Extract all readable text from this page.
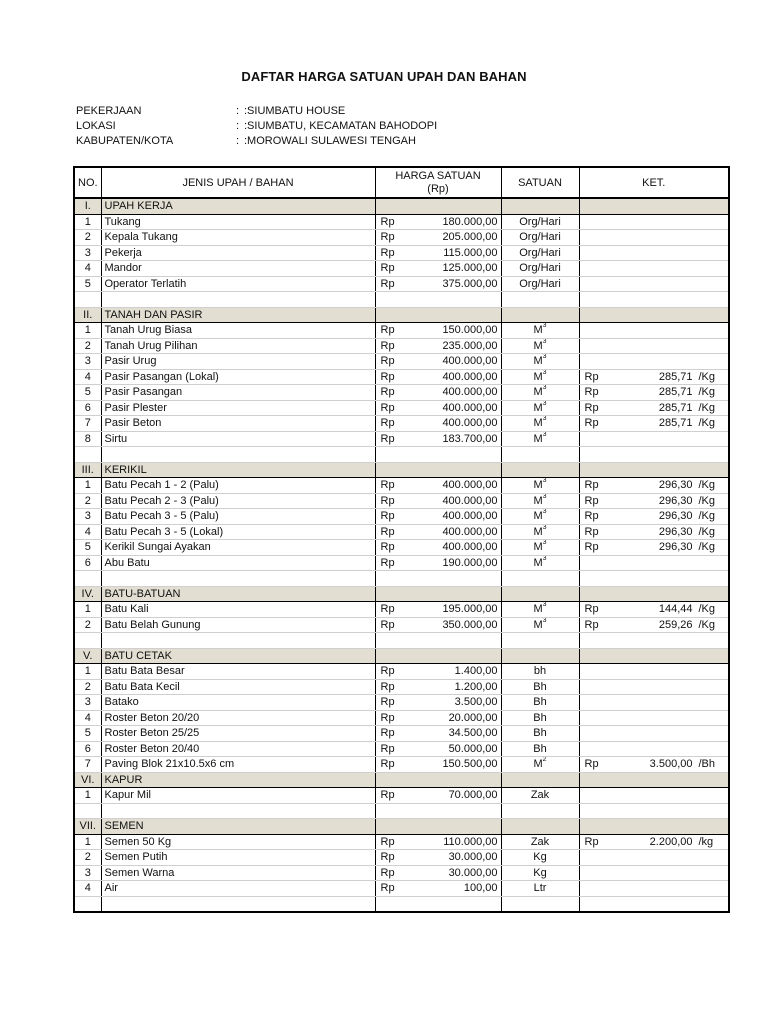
DAFTAR HARGA SATUAN UPAH DAN BAHAN
PEKERJAAN	: :SIUMBATU HOUSE
LOKASI	: :SIUMBATU, KECAMATAN BAHODOPI
KABUPATEN/KOTA	: :MOROWALI SULAWESI TENGAH
NO.	JENIS UPAH / BAHAN	HARGA SATUAN
(Rp)	SATUAN	KET.
I.	UPAH KERJA			
1	Tukang	Rp 180.000,00	Org/Hari	
2	Kepala Tukang	Rp 205.000,00	Org/Hari	
3	Pekerja	Rp 115.000,00	Org/Hari	
4	Mandor	Rp 125.000,00	Org/Hari	
5	Operator Terlatih	Rp 375.000,00	Org/Hari	

II.	TANAH DAN PASIR			
1	Tanah Urug Biasa	Rp 150.000,00	$M^3$	
2	Tanah Urug Pilihan	Rp 235.000,00	$M^3$	
3	Pasir Urug	Rp 400.000,00	$M^3$	
4	Pasir Pasangan (Lokal)	Rp 400.000,00	$M^3$	Rp 285,71 /Kg

5	Pasir Pasangan	Rp 400.000,00	$M^3$	Rp 285,71 /Kg

6	Pasir Plester	Rp 400.000,00	$M^3$	Rp 285,71 /Kg

7	Pasir Beton	Rp 400.000,00	$M^3$	Rp 285,71 /Kg

8	Sirtu	Rp 183.700,00	$M^3$	

III.	KERIKIL			
1	Batu Pecah 1 - 2 (Palu)	Rp 400.000,00	$M^3$	Rp 296,30 /Kg

2	Batu Pecah 2 - 3 (Palu)	Rp 400.000,00	$M^3$	Rp 296,30 /Kg

3	Batu Pecah 3 - 5 (Palu)	Rp 400.000,00	$M^3$	Rp 296,30 /Kg

4	Batu Pecah 3 - 5 (Lokal)	Rp 400.000,00	$M^3$	Rp 296,30 /Kg

5	Kerikil Sungai Ayakan	Rp 400.000,00	$M^3$	Rp 296,30 /Kg

6	Abu Batu	Rp 190.000,00	$M^3$	

IV.	BATU-BATUAN			
1	Batu Kali	Rp 195.000,00	$M^3$	Rp 144,44 /Kg

2	Batu Belah Gunung	Rp 350.000,00	$M^3$	Rp 259,26 /Kg

V.	BATU CETAK			
1	Batu Bata Besar	Rp 1.400,00	bh	
2	Batu Bata Kecil	Rp 1.200,00	Bh	
3	Batako	Rp 3.500,00	Bh	
4	Roster Beton 20/20	Rp 20.000,00	Bh	
5	Roster Beton 25/25	Rp 34.500,00	Bh	
6	Roster Beton 20/40	Rp 50.000,00	Bh	
7	Paving Blok 21x10.5x6 cm	Rp 150.500,00	$M^2$	Rp 3.500,00 /Bh

VI.	KAPUR			
1	Kapur Mil	Rp 70.000,00	Zak	

VII.	SEMEN			
1	Semen 50 Kg	Rp 110.000,00	Zak	Rp 2.200,00 /kg

2	Semen Putih	Rp 30.000,00	Kg	
3	Semen Warna	Rp 30.000,00	Kg	
4	Air	Rp 100,00	Ltr	
